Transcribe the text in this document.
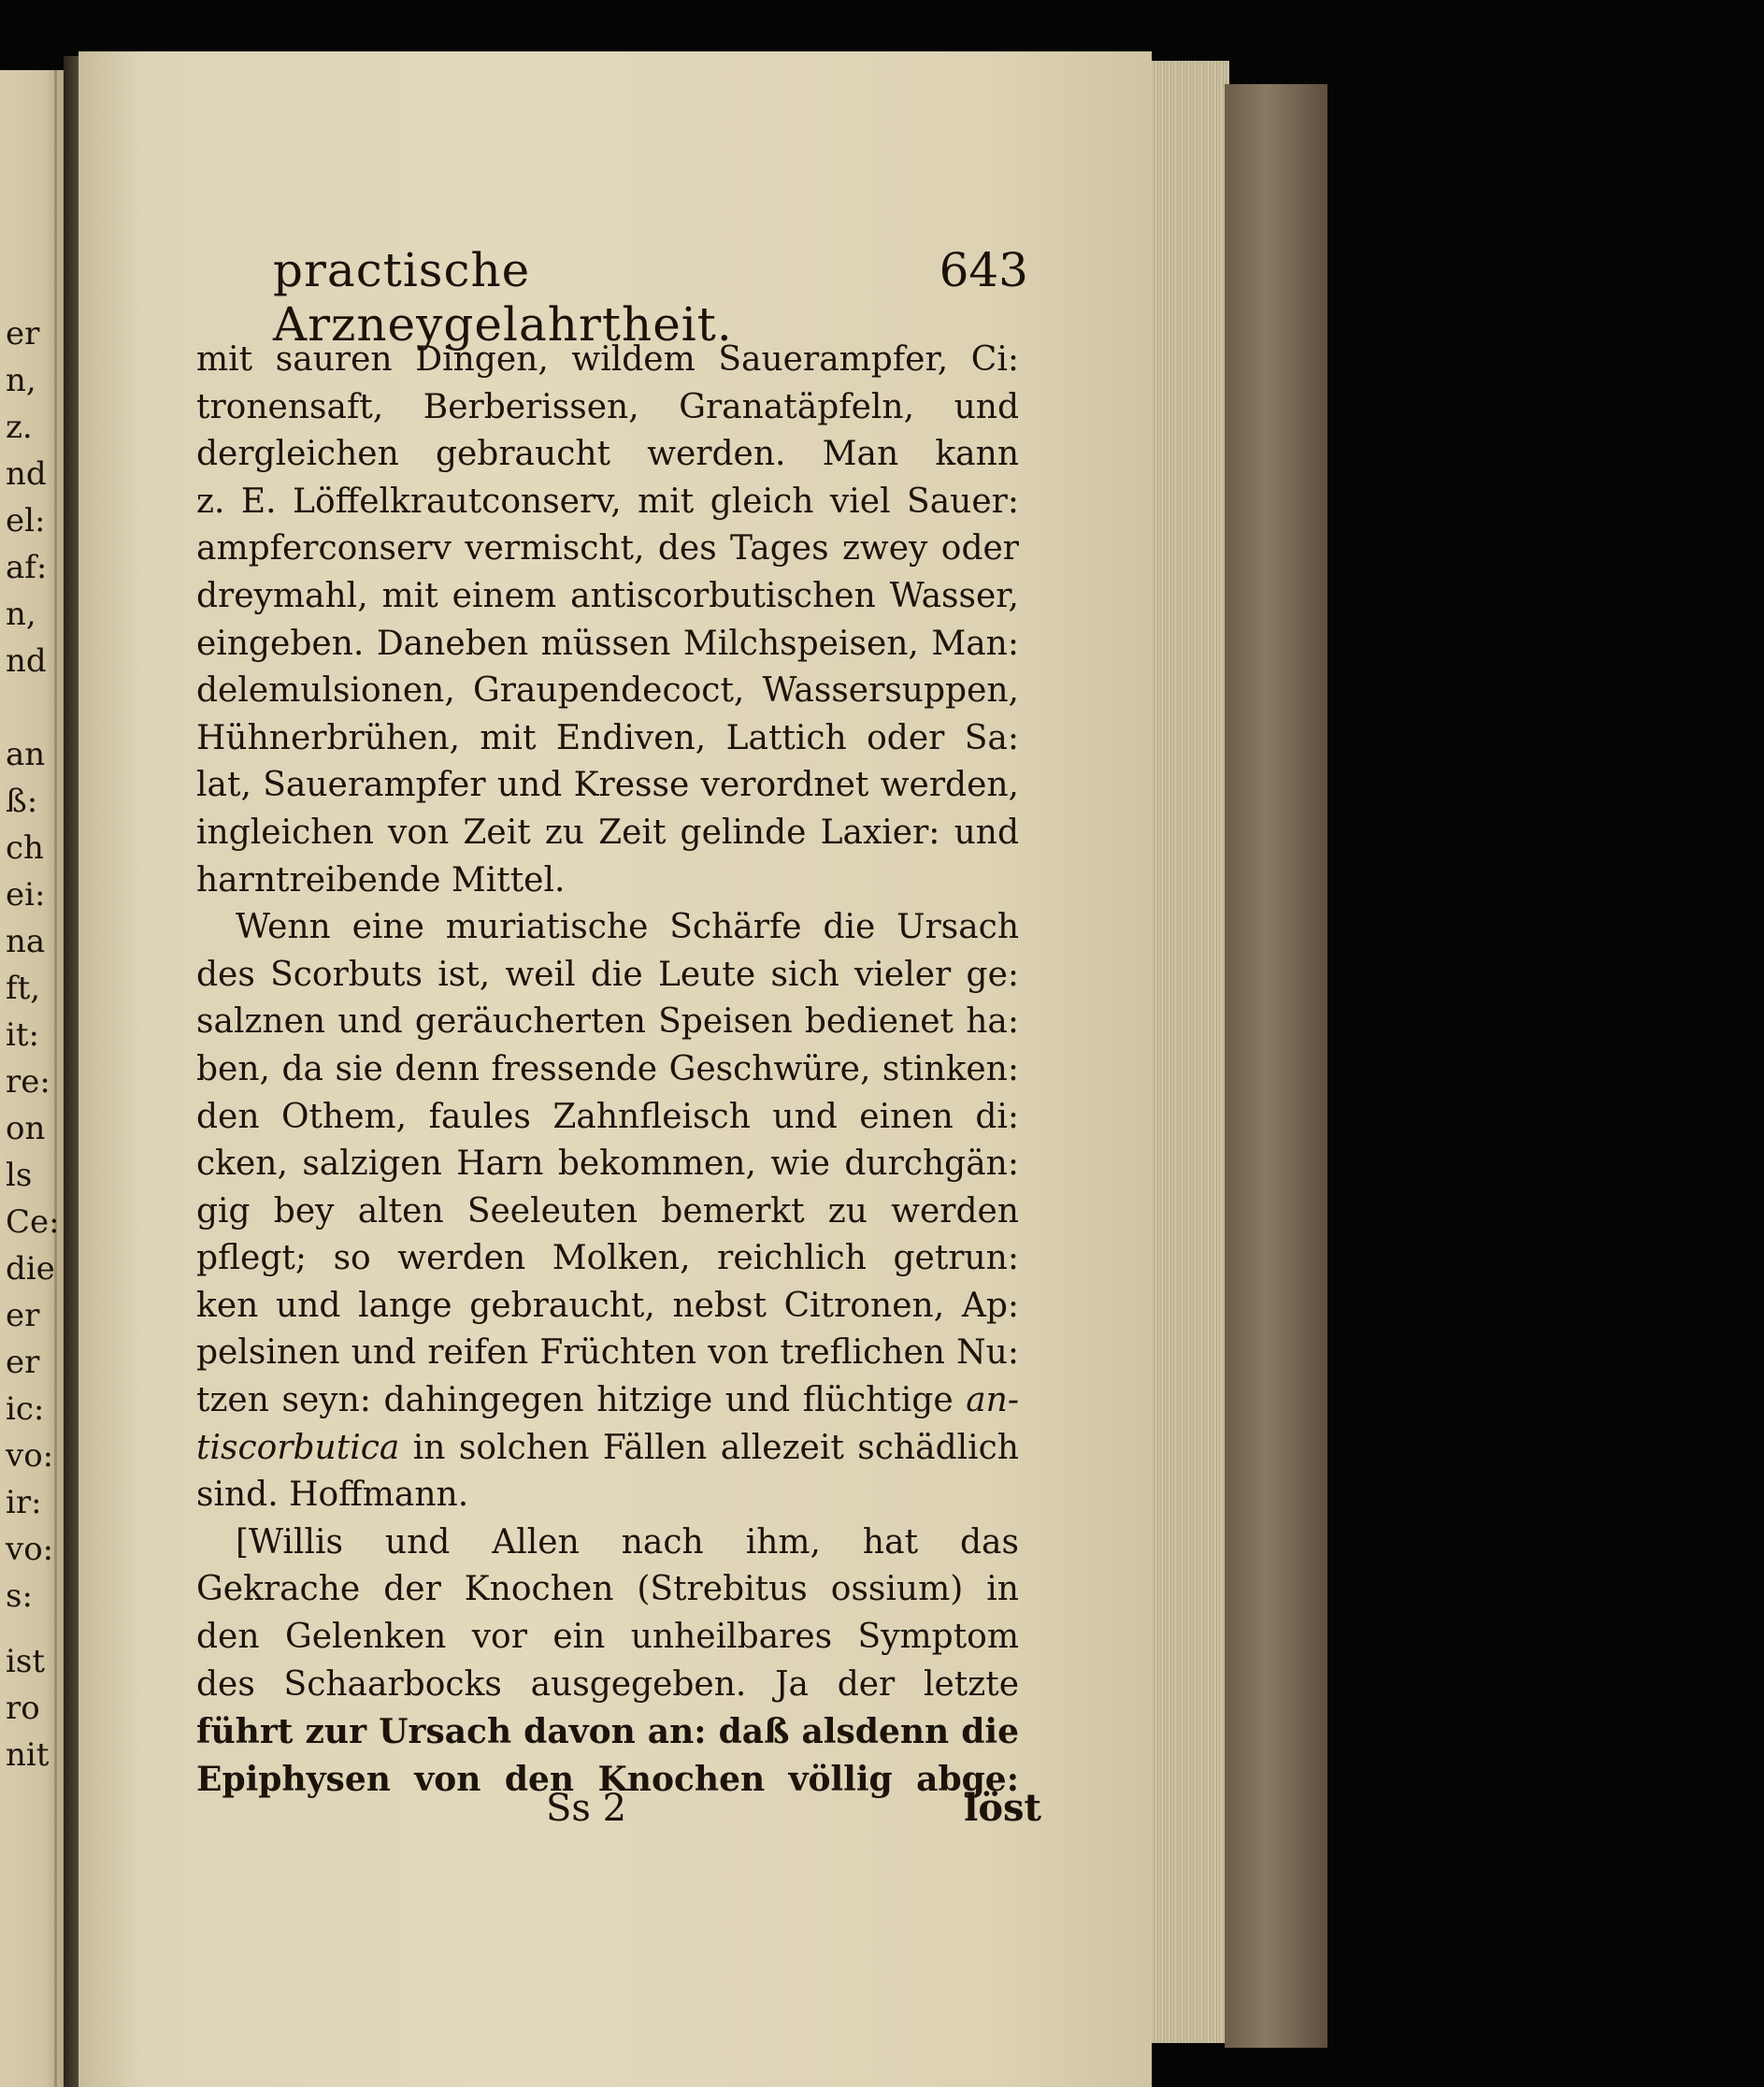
er
n,
z.
nd
el:
af:
n,
nd
an
ß:
ch
ei:
na
ft,
it:
re:
on
ls
Ce:
die
er
er
ic:
vo:
ir:
vo:
s:
ist
ro
nit
practische Arzneygelahrtheit.
643
mit sauren Dingen, wildem Sauerampfer, Ci:
tronensaft, Berberissen, Granatäpfeln, und
dergleichen gebraucht werden. Man kann
z. E. Löffelkrautconserv, mit gleich viel Sauer:
ampferconserv vermischt, des Tages zwey oder
dreymahl, mit einem antiscorbutischen Wasser,
eingeben. Daneben müssen Milchspeisen, Man:
delemulsionen, Graupendecoct, Wassersuppen,
Hühnerbrühen, mit Endiven, Lattich oder Sa:
lat, Sauerampfer und Kresse verordnet werden,
ingleichen von Zeit zu Zeit gelinde Laxier: und
harntreibende Mittel.
Wenn eine muriatische Schärfe die Ursach
des Scorbuts ist, weil die Leute sich vieler ge:
salznen und geräucherten Speisen bedienet ha:
ben, da sie denn fressende Geschwüre, stinken:
den Othem, faules Zahnfleisch und einen di:
cken, salzigen Harn bekommen, wie durchgän:
gig bey alten Seeleuten bemerkt zu werden
pflegt; so werden Molken, reichlich getrun:
ken und lange gebraucht, nebst Citronen, Ap:
pelsinen und reifen Früchten von treflichen Nu:
tzen seyn: dahingegen hitzige und flüchtige an-
tiscorbutica in solchen Fällen allezeit schädlich
sind. Hoffmann.
[Willis und Allen nach ihm, hat das
Gekrache der Knochen (Strebitus ossium) in
den Gelenken vor ein unheilbares Symptom
des Schaarbocks ausgegeben. Ja der letzte
führt zur Ursach davon an: daß alsdenn die
Epiphysen von den Knochen völlig abge:
Ss 2	löst
